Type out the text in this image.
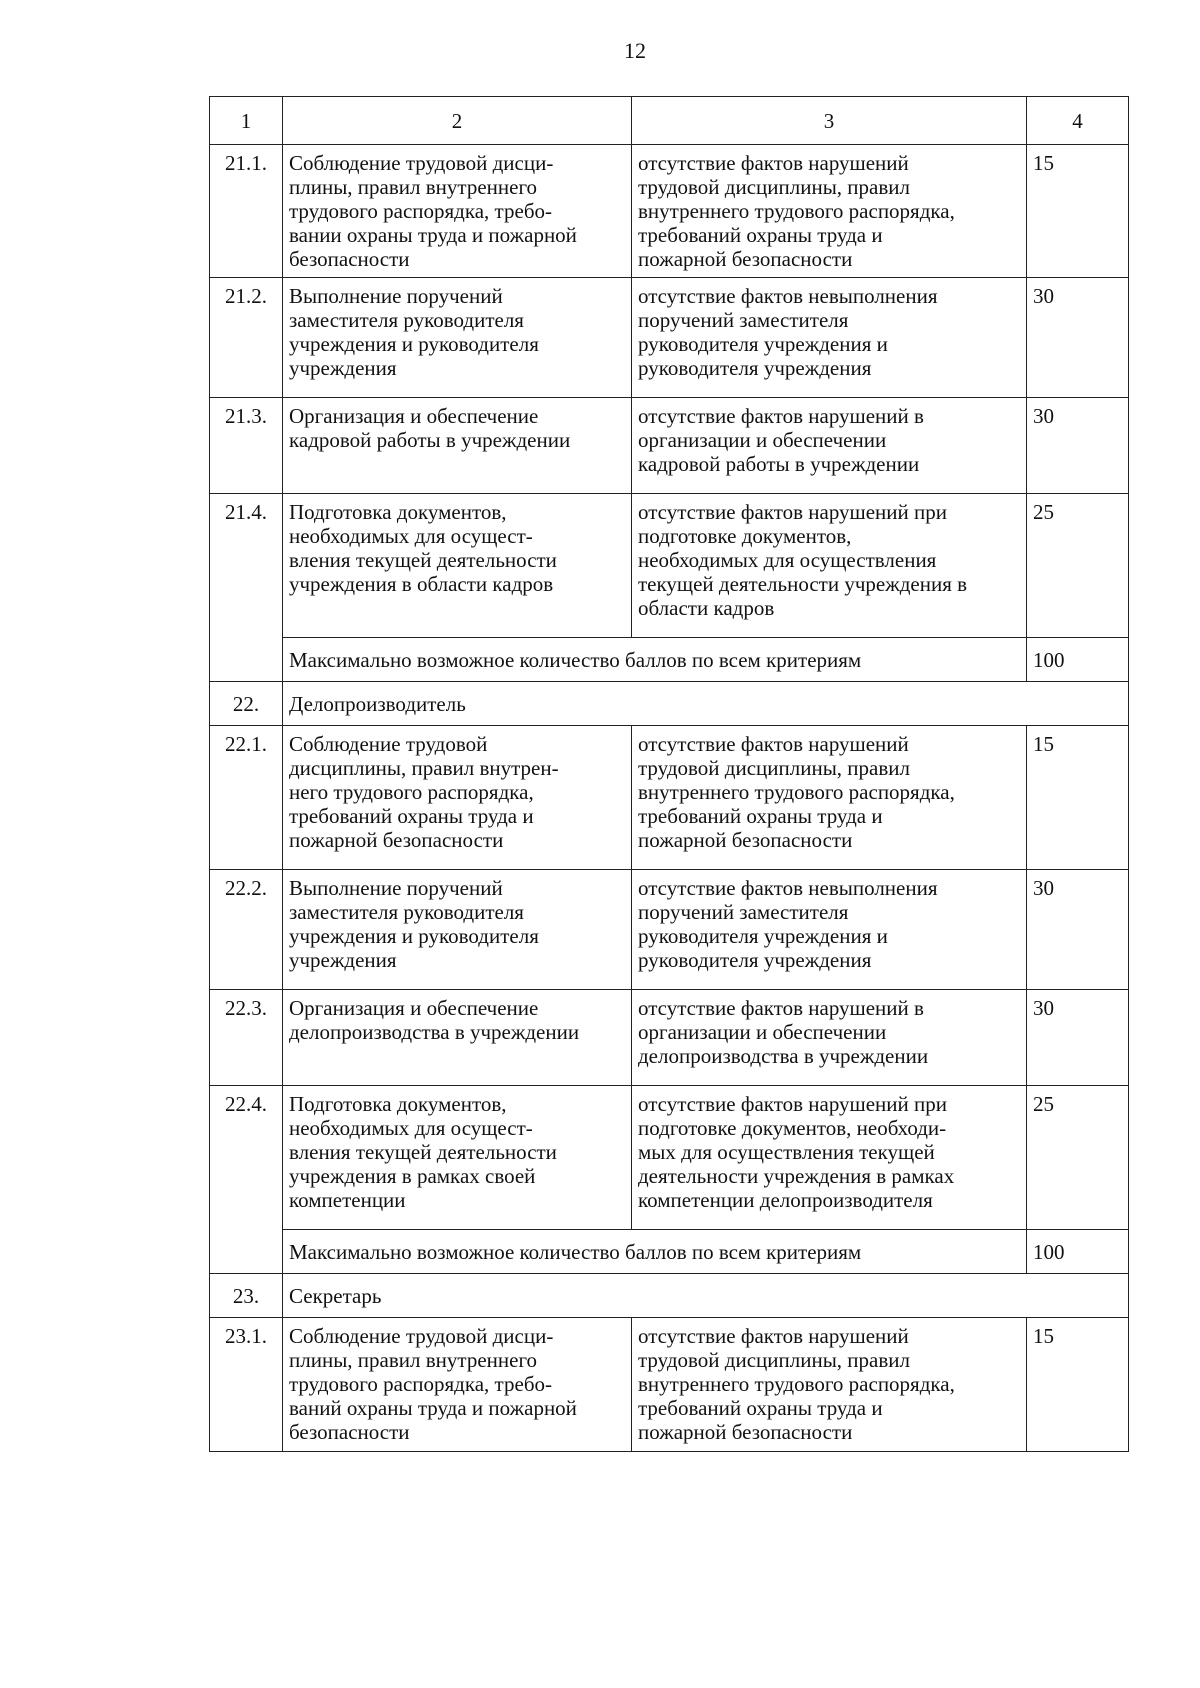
12
1	2	3	4
21.1.	Соблюдение трудовой дисци-
плины, правил внутреннего
трудового распорядка, требо-
вании охраны труда и пожарной
безопасности	отсутствие фактов нарушений
трудовой дисциплины, правил
внутреннего трудового распорядка,
требований охраны труда и
пожарной безопасности	15
21.2.	Выполнение поручений
заместителя руководителя
учреждения и руководителя
учреждения	отсутствие фактов невыполнения
поручений заместителя
руководителя учреждения и
руководителя учреждения	30
21.3.	Организация и обеспечение
кадровой работы в учреждении	отсутствие фактов нарушений в
организации и обеспечении
кадровой работы в учреждении	30
21.4.	Подготовка документов,
необходимых для осущест-
вления текущей деятельности
учреждения в области кадров	отсутствие фактов нарушений при
подготовке документов,
необходимых для осуществления
текущей деятельности учреждения в
области кадров	25
	Максимально возможное количество баллов по всем критериям		100
22.	Делопроизводитель		
22.1.	Соблюдение трудовой
дисциплины, правил внутрен-
него трудового распорядка,
требований охраны труда и
пожарной безопасности	отсутствие фактов нарушений
трудовой дисциплины, правил
внутреннего трудового распорядка,
требований охраны труда и
пожарной безопасности	15
22.2.	Выполнение поручений
заместителя руководителя
учреждения и руководителя
учреждения	отсутствие фактов невыполнения
поручений заместителя
руководителя учреждения и
руководителя учреждения	30
22.3.	Организация и обеспечение
делопроизводства в учреждении	отсутствие фактов нарушений в
организации и обеспечении
делопроизводства в учреждении	30
22.4.	Подготовка документов,
необходимых для осущест-
вления текущей деятельности
учреждения в рамках своей
компетенции	отсутствие фактов нарушений при
подготовке документов, необходи-
мых для осуществления текущей
деятельности учреждения в рамках
компетенции делопроизводителя	25
	Максимально возможное количество баллов по всем критериям		100
23.	Секретарь		
23.1.	Соблюдение трудовой дисци-
плины, правил внутреннего
трудового распорядка, требо-
ваний охраны труда и пожарной
безопасности	отсутствие фактов нарушений
трудовой дисциплины, правил
внутреннего трудового распорядка,
требований охраны труда и
пожарной безопасности	15
